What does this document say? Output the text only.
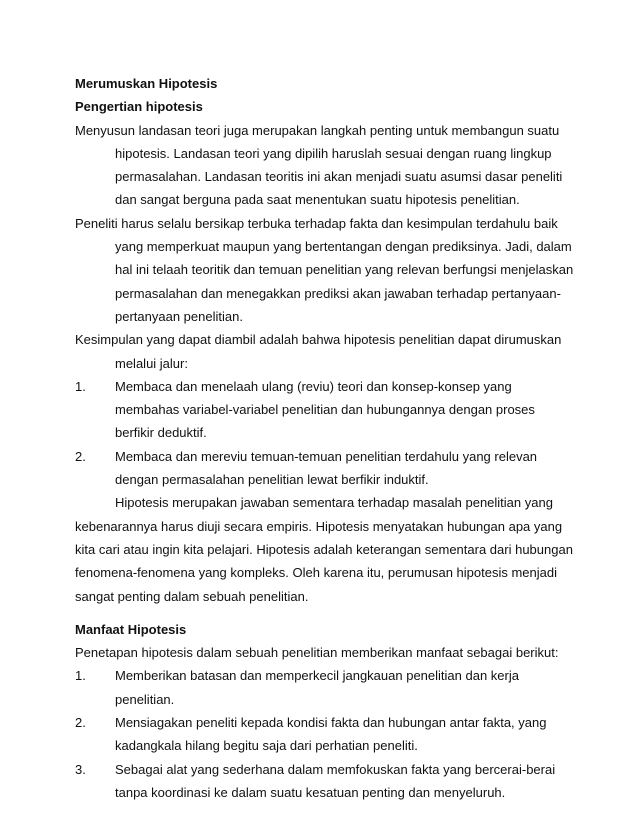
Merumuskan Hipotesis

Pengertian hipotesis

Menyusun landasan teori juga merupakan langkah penting untuk membangun suatu hipotesis. Landasan teori yang dipilih haruslah sesuai dengan ruang lingkup permasalahan. Landasan teoritis ini akan menjadi suatu asumsi dasar peneliti dan sangat berguna pada saat menentukan suatu hipotesis penelitian.

Peneliti harus selalu bersikap terbuka terhadap fakta dan kesimpulan terdahulu baik yang memperkuat maupun yang bertentangan dengan prediksinya. Jadi, dalam hal ini telaah teoritik dan temuan penelitian yang relevan berfungsi menjelaskan permasalahan dan menegakkan prediksi akan jawaban terhadap pertanyaan-pertanyaan penelitian.

Kesimpulan yang dapat diambil adalah bahwa hipotesis penelitian dapat dirumuskan melalui jalur:

1.	Membaca dan menelaah ulang (reviu) teori dan konsep-konsep yang membahas variabel-variabel penelitian dan hubungannya dengan proses berfikir deduktif.
2.	Membaca dan mereviu temuan-temuan penelitian terdahulu yang relevan dengan permasalahan penelitian lewat berfikir induktif.

Hipotesis merupakan jawaban sementara terhadap masalah penelitian yang kebenarannya harus diuji secara empiris. Hipotesis menyatakan hubungan apa yang kita cari atau ingin kita pelajari. Hipotesis adalah keterangan sementara dari hubungan fenomena-fenomena yang kompleks. Oleh karena itu, perumusan hipotesis menjadi sangat penting dalam sebuah penelitian.

Manfaat Hipotesis

Penetapan hipotesis dalam sebuah penelitian memberikan manfaat sebagai berikut:

1.	Memberikan batasan dan memperkecil jangkauan penelitian dan kerja penelitian.
2.	Mensiagakan peneliti kepada kondisi fakta dan hubungan antar fakta, yang kadangkala hilang begitu saja dari perhatian peneliti.
3.	Sebagai alat yang sederhana dalam memfokuskan fakta yang bercerai-berai tanpa koordinasi ke dalam suatu kesatuan penting dan menyeluruh.
